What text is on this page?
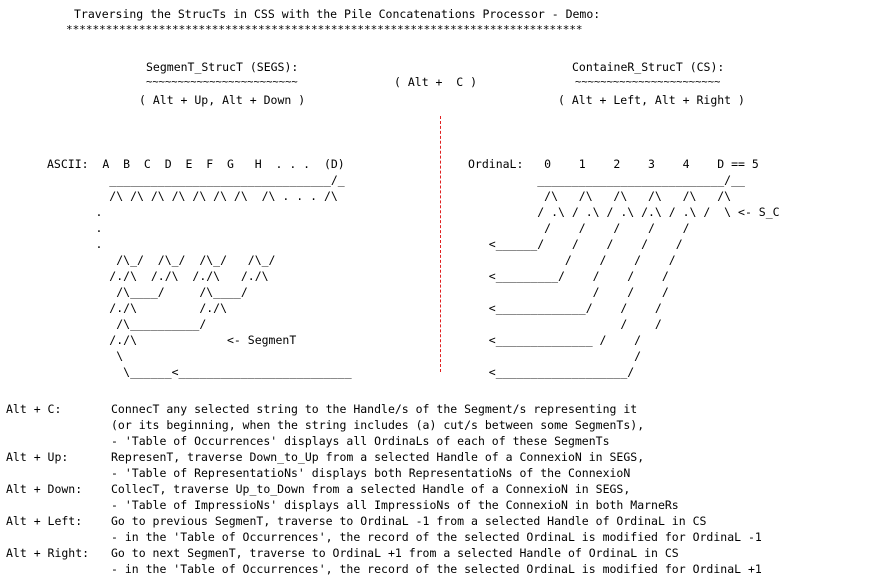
Traversing the StrucTs in CSS with the Pile Concatenations Processor - Demo:
******************************************************************************
SegmenT_StrucT (SEGS):
~~~~~~~~~~~~~~~~~~~~~~~~
( Alt + Up, Alt + Down )
( Alt +  C )
ContaineR_StrucT (CS):
~~~~~~~~~~~~~~~~~~~~~~~
( Alt + Left, Alt + Right )

ASCII:  A  B  C  D  E  F  G   H  . . .  (D)
________________________________/_
/\ /\ /\ /\ /\ /\ /\  /\ . . . /\
.
.
.
/\_/  /\_/  /\_/   /\_/
/./\  /./\  /./\   /./\
/\____/     /\____/
/./\         /./\
/\__________/
/./\             <- SegmenT
\
\______<_________________________

OrdinaL:   0    1    2    3    4    D == 5
___________________________/__
/\   /\   /\   /\   /\   /\
/ .\ / .\ / .\ /.\ / .\ /  \ <- S_C
/    /    /    /    /
<______/    /    /    /    /
/    /    /    /
<_________/    /    /    /
/    /    /
<_____________/    /    /
/    /
<______________ /    /
/
<___________________/

Alt + C:	ConnecT any selected string to the Handle/s of the Segment/s representing it
(or its beginning, when the string includes (a) cut/s between some SegmenTs),
- 'Table of Occurrences' displays all OrdinaLs of each of these SegmenTs
Alt + Up:	RepresenT, traverse Down_to_Up from a selected Handle of a ConnexioN in SEGS,
- 'Table of RepresentatioNs' displays both RepresentatioNs of the ConnexioN
Alt + Down:	CollecT, traverse Up_to_Down from a selected Handle of a ConnexioN in SEGS,
- 'Table of ImpressioNs' displays all ImpressioNs of the ConnexioN in both MarneRs
Alt + Left:	Go to previous SegmenT, traverse to OrdinaL -1 from a selected Handle of OrdinaL in CS
- in the 'Table of Occurrences', the record of the selected OrdinaL is modified for OrdinaL -1
Alt + Right:	Go to next SegmenT, traverse to OrdinaL +1 from a selected Handle of OrdinaL in CS
- in the 'Table of Occurrences', the record of the selected OrdinaL is modified for OrdinaL +1
